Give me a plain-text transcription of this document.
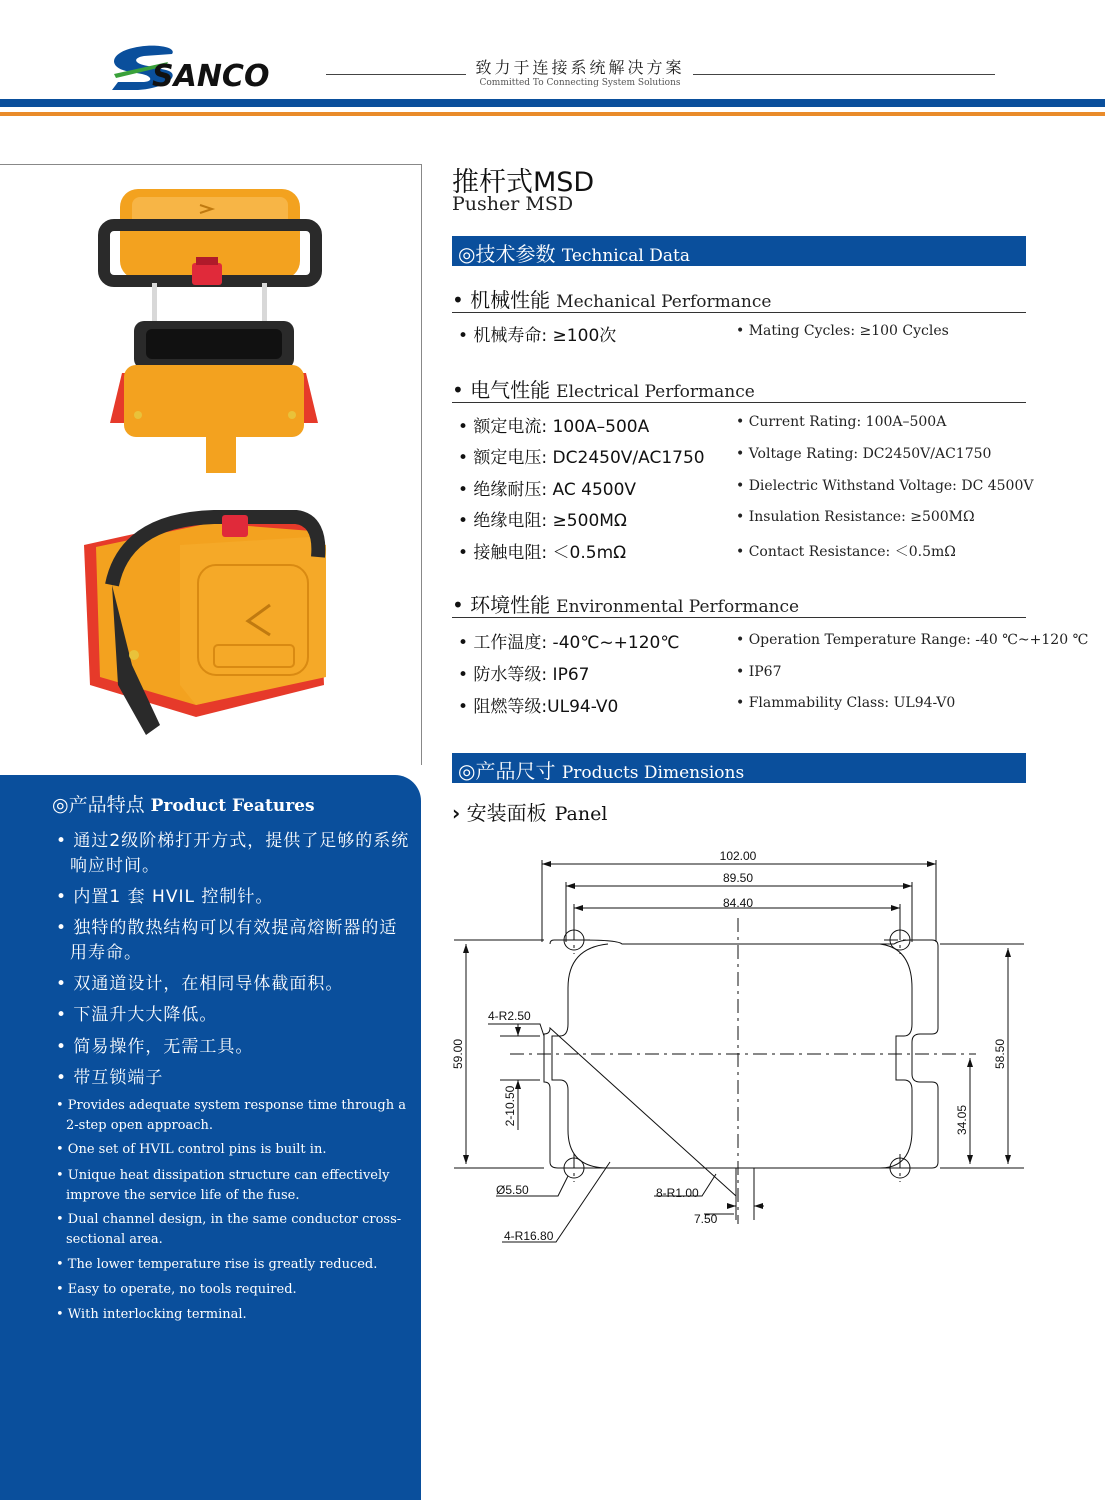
SANCO	致力于连接系统解决方案
Committed To Connecting System Solutions
◎产品特点 Product Features
• 通过2级阶梯打开方式，提供了足够的系统响应时间。
• 内置1 套 HVIL 控制针。
• 独特的散热结构可以有效提高熔断器的适用寿命。
• 双通道设计，在相同导体截面积。
• 下温升大大降低。
• 简易操作，无需工具。
• 带互锁端子
• Provides adequate system response time through a 2-step open approach.
• One set of HVIL control pins is built in.
• Unique heat dissipation structure can effectively improve the service life of the fuse.
• Dual channel design, in the same conductor cross-sectional area.
• The lower temperature rise is greatly reduced.
• Easy to operate, no tools required.
• With interlocking terminal.
推杆式MSD
Pusher MSD
◎技术参数 Technical Data
• 机械性能 Mechanical Performance
• 机械寿命: ≥100次	• Mating Cycles: ≥100 Cycles
• 电气性能 Electrical Performance
• 额定电流: 100A–500A	• Current Rating: 100A–500A
• 额定电压: DC2450V/AC1750 • Voltage Rating: DC2450V/AC1750
• 绝缘耐压: AC 4500V	• Dielectric Withstand Voltage: DC 4500V
• 绝缘电阻: ≥500MΩ	• Insulation Resistance: ≥500MΩ
• 接触电阻: ＜0.5mΩ	• Contact Resistance: ＜0.5mΩ
• 环境性能 Environmental Performance
• 工作温度: -40℃~+120℃	• Operation Temperature Range: -40 ℃~+120 ℃
• 防水等级: IP67	• IP67
• 阻燃等级:UL94-V0	• Flammability Class: UL94-V0
◎产品尺寸 Products Dimensions
› 安装面板 Panel
102.00
89.50
84.40
59.00	58.50
34.05
2-10.50
4-R2.50
Ø5.50	8-R1.00
7.50
4-R16.80
